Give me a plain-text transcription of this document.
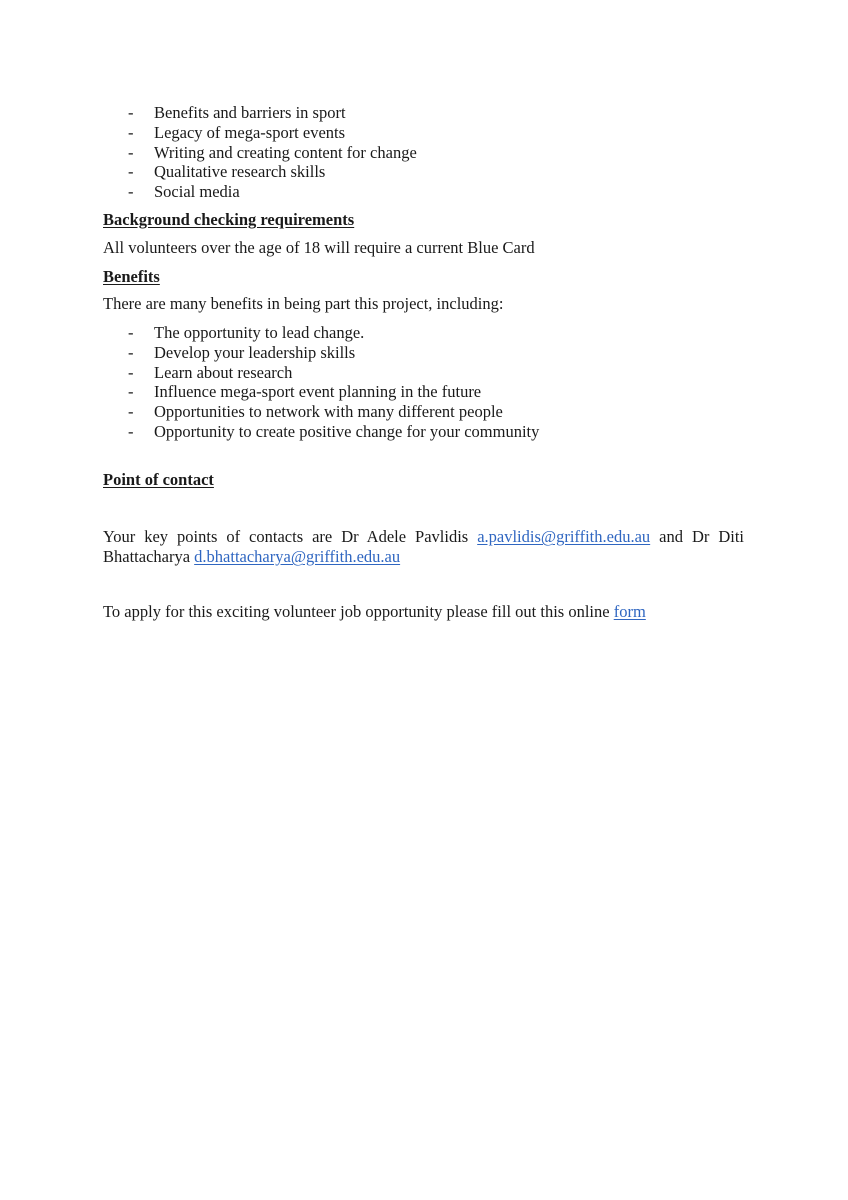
- Benefits and barriers in sport
- Legacy of mega-sport events
- Writing and creating content for change
- Qualitative research skills
- Social media
Background checking requirements

All volunteers over the age of 18 will require a current Blue Card

Benefits

There are many benefits in being part this project, including:

- The opportunity to lead change.
- Develop your leadership skills
- Learn about research
- Influence mega-sport event planning in the future
- Opportunities to network with many different people
- Opportunity to create positive change for your community
Point of contact

Your key points of contacts are Dr Adele Pavlidis a.pavlidis@griffith.edu.au and Dr Diti Bhattacharya d.bhattacharya@griffith.edu.au

To apply for this exciting volunteer job opportunity please fill out this online form
